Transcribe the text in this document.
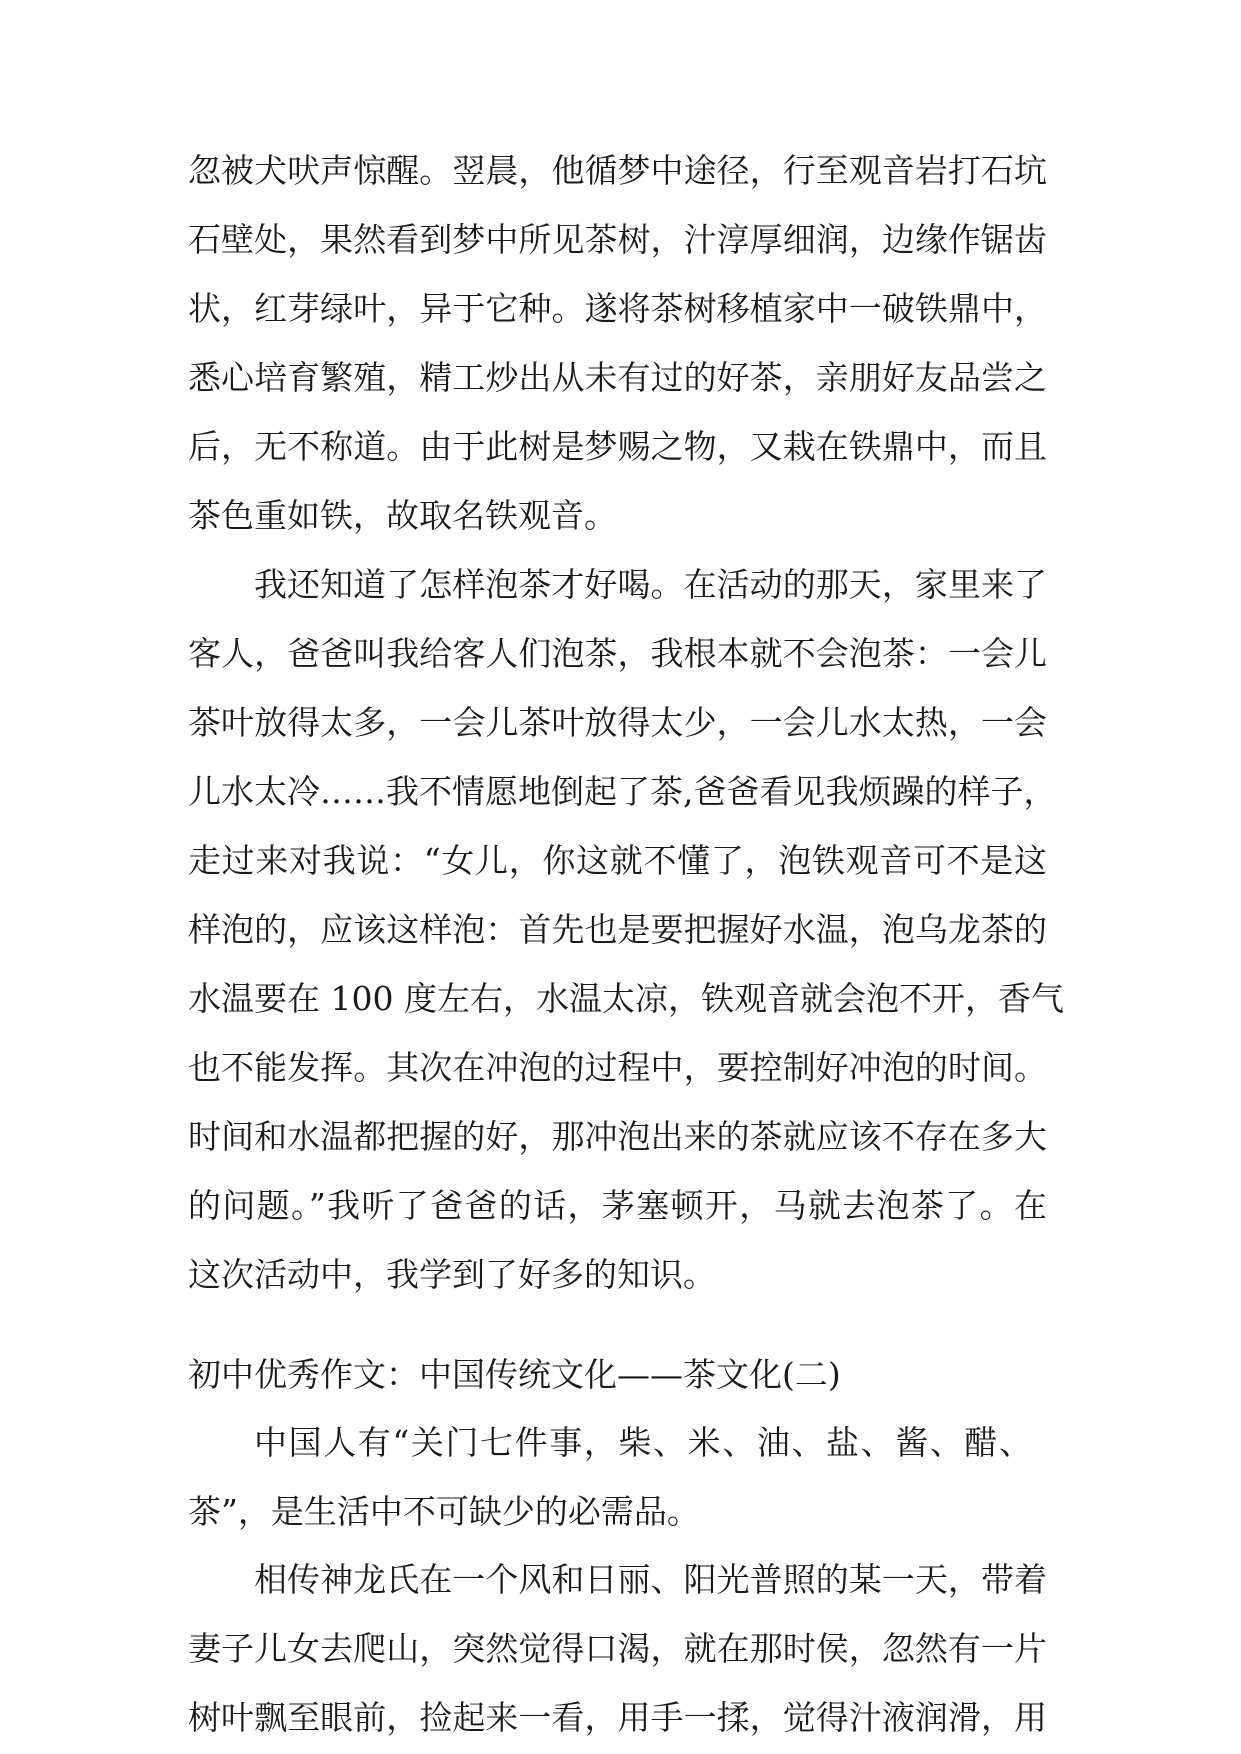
忽被犬吠声惊醒。翌晨，他循梦中途径，行至观音岩打石坑

石壁处，果然看到梦中所见茶树，汁淳厚细润，边缘作锯齿

状，红芽绿叶，异于它种。遂将茶树移植家中一破铁鼎中，

悉心培育繁殖，精工炒出从未有过的好茶，亲朋好友品尝之

后，无不称道。由于此树是梦赐之物，又栽在铁鼎中，而且

茶色重如铁，故取名铁观音。

我还知道了怎样泡茶才好喝。在活动的那天，家里来了

客人，爸爸叫我给客人们泡茶，我根本就不会泡茶：一会儿

茶叶放得太多，一会儿茶叶放得太少，一会儿水太热，一会

儿水太冷……我不情愿地倒起了茶,爸爸看见我烦躁的样子，

走过来对我说：“女儿，你这就不懂了，泡铁观音可不是这

样泡的，应该这样泡：首先也是要把握好水温，泡乌龙茶的

水温要在 100 度左右，水温太凉，铁观音就会泡不开，香气

也不能发挥。其次在冲泡的过程中，要控制好冲泡的时间。

时间和水温都把握的好，那冲泡出来的茶就应该不存在多大

的问题。”我听了爸爸的话，茅塞顿开，马就去泡茶了。在

这次活动中，我学到了好多的知识。

初中优秀作文：中国传统文化——茶文化(二)

中国人有“关门七件事，柴、米、油、盐、酱、醋、

茶”，是生活中不可缺少的必需品。

相传神龙氏在一个风和日丽、阳光普照的某一天，带着

妻子儿女去爬山，突然觉得口渴，就在那时侯，忽然有一片

树叶飘至眼前，捡起来一看，用手一揉，觉得汁液润滑，用
